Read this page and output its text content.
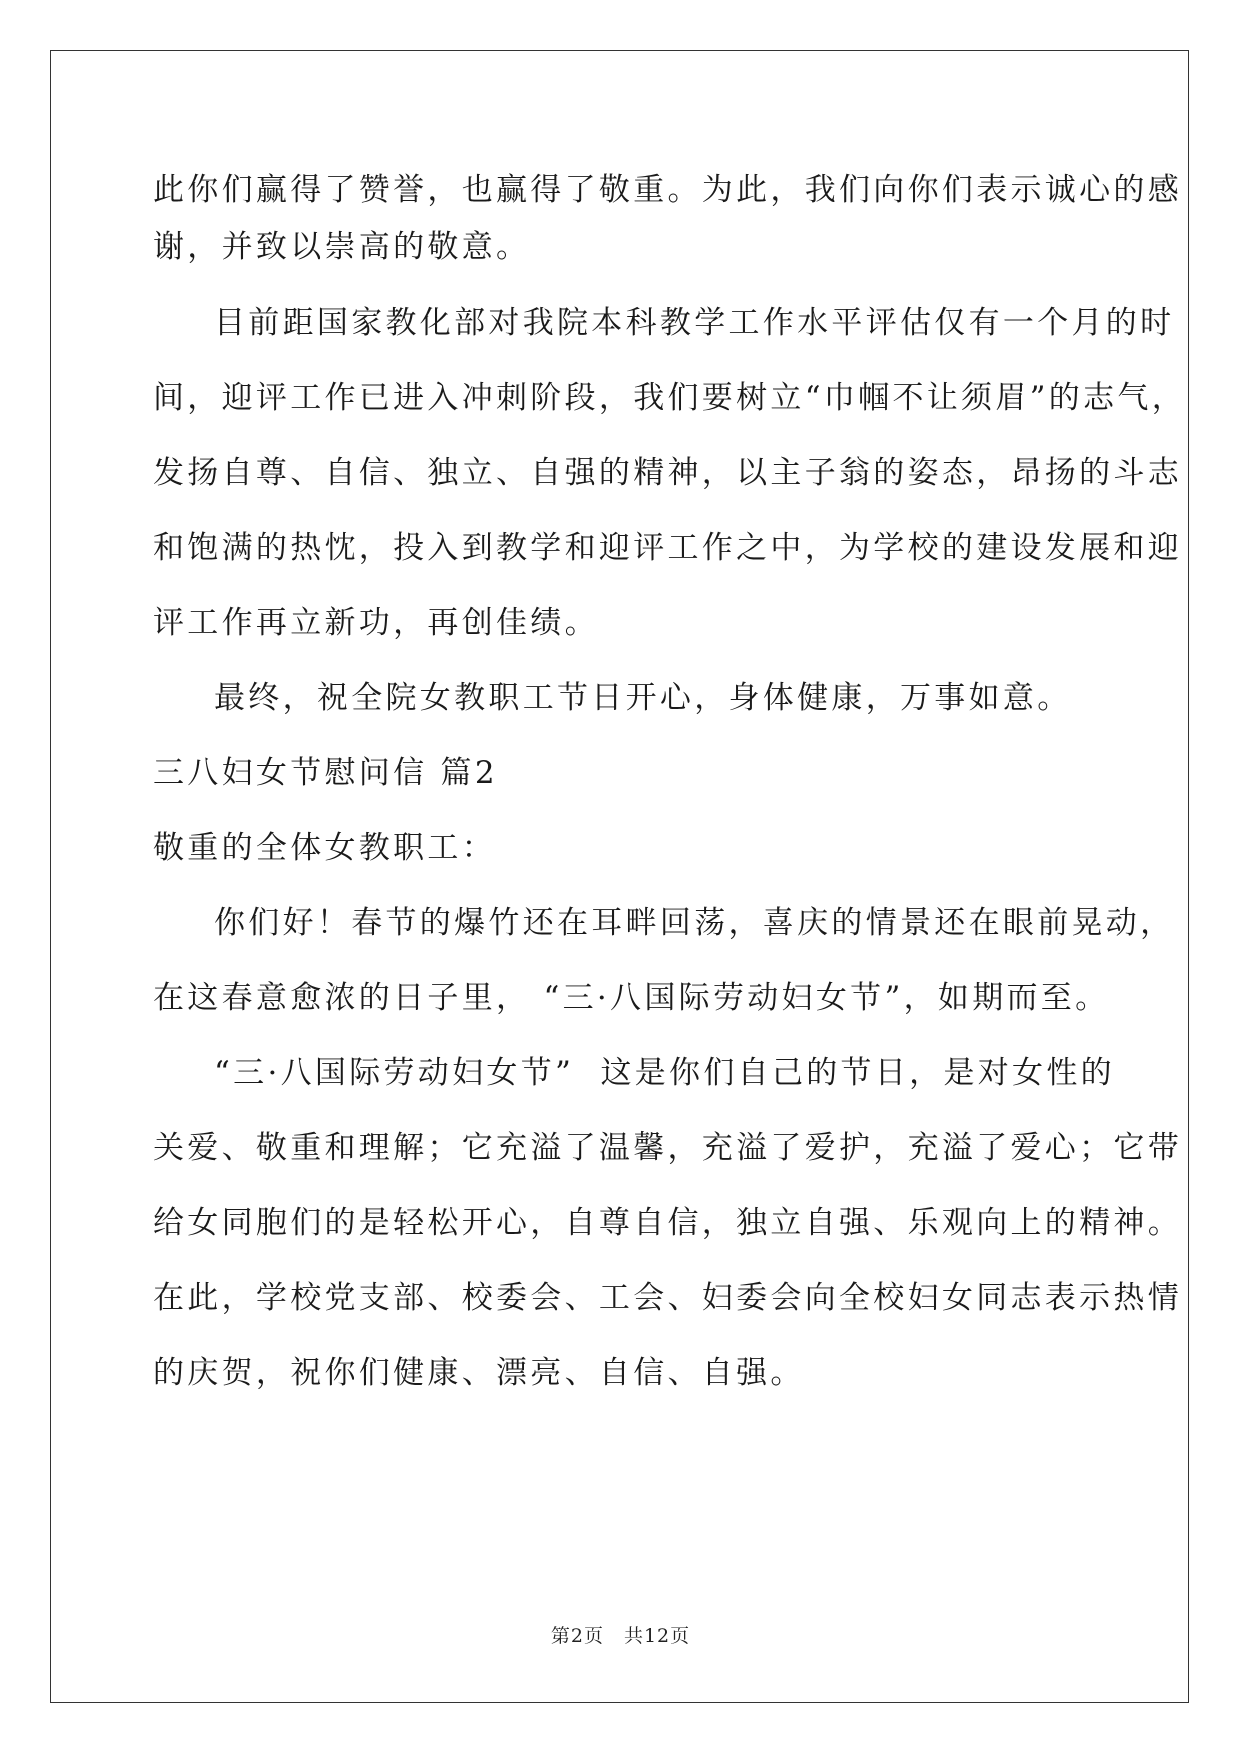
此你们赢得了赞誉，也赢得了敬重。为此，我们向你们表示诚心的感
谢，并致以崇高的敬意。
目前距国家教化部对我院本科教学工作水平评估仅有一个月的时
间，迎评工作已进入冲刺阶段，我们要树立“巾帼不让须眉”的志气，
发扬自尊、自信、独立、自强的精神，以主子翁的姿态，昂扬的斗志
和饱满的热忱，投入到教学和迎评工作之中，为学校的建设发展和迎
评工作再立新功，再创佳绩。
最终，祝全院女教职工节日开心，身体健康，万事如意。
三八妇女节慰问信 篇2
敬重的全体女教职工：
你们好！春节的爆竹还在耳畔回荡，喜庆的情景还在眼前晃动，
在这春意愈浓的日子里， “三·八国际劳动妇女节”，如期而至。
“三·八国际劳动妇女节”  这是你们自己的节日，是对女性的
关爱、敬重和理解；它充溢了温馨，充溢了爱护，充溢了爱心；它带
给女同胞们的是轻松开心，自尊自信，独立自强、乐观向上的精神。
在此，学校党支部、校委会、工会、妇委会向全校妇女同志表示热情
的庆贺，祝你们健康、漂亮、自信、自强。
第2页　共12页
